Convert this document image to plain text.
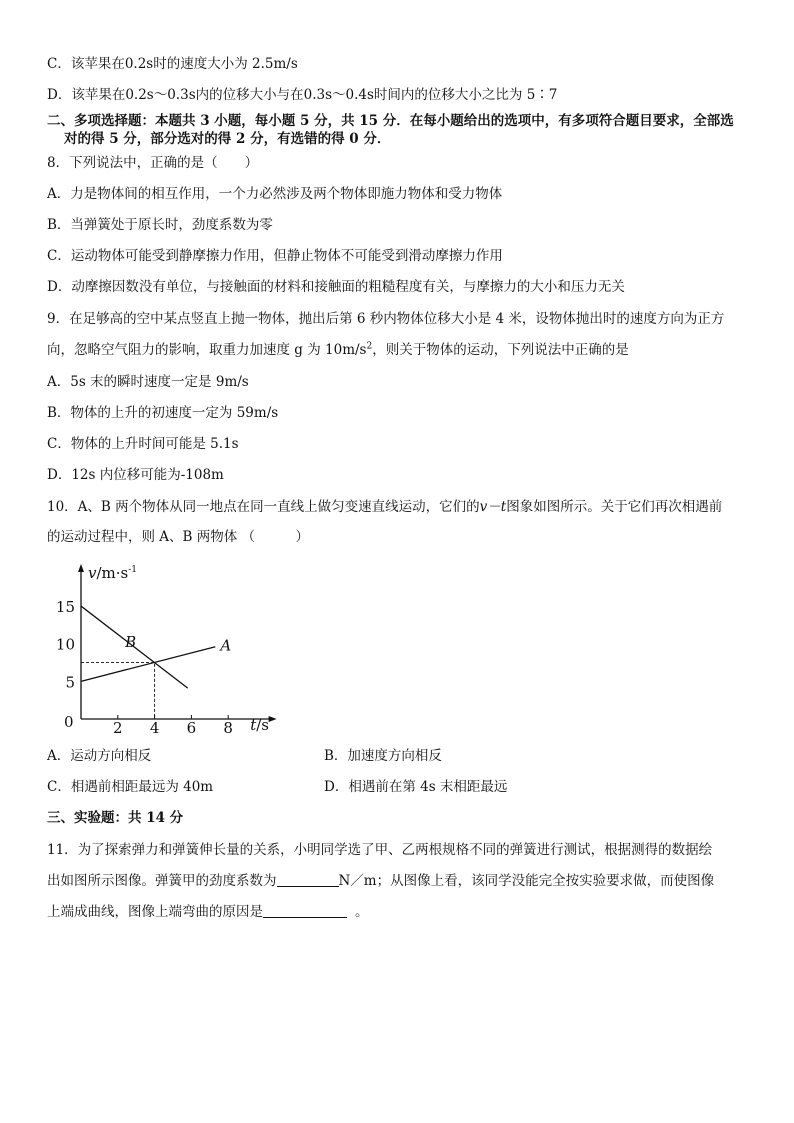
C．该苹果在0.2s时的速度大小为 2.5m/s
D．该苹果在0.2s～0.3s内的位移大小与在0.3s～0.4s时间内的位移大小之比为 5∶7
二、多项选择题：本题共 3 小题，每小题 5 分，共 15 分．在每小题给出的选项中，有多项符合题目要求，全部选
对的得 5 分，部分选对的得 2 分，有选错的得 0 分．
8．下列说法中，正确的是（　　）
A．力是物体间的相互作用，一个力必然涉及两个物体即施力物体和受力物体
B．当弹簧处于原长时，劲度系数为零
C．运动物体可能受到静摩擦力作用，但静止物体不可能受到滑动摩擦力作用
D．动摩擦因数没有单位，与接触面的材料和接触面的粗糙程度有关，与摩擦力的大小和压力无关
9．在足够高的空中某点竖直上抛一物体，抛出后第 6 秒内物体位移大小是 4 米，设物体抛出时的速度方向为正方
向，忽略空气阻力的影响，取重力加速度 g 为 $10m/s^2$，则关于物体的运动，下列说法中正确的是
A．5s 末的瞬时速度一定是 9m/s
B．物体的上升的初速度一定为 59m/s
C．物体的上升时间可能是 5.1s
D．12s 内位移可能为-108m
10．A、B 两个物体从同一地点在同一直线上做匀变速直线运动，它们的v－t图象如图所示。关于它们再次相遇前
的运动过程中，则 A、B 两物体 （　　　）
$v/m\cdot s^{-1}$
t/s
0	2 4 6 8
5
10
15
A
B
A．运动方向相反	B．加速度方向相反
C．相遇前相距最远为 40m	D．相遇前在第 4s 末相距最远
三、实验题：共 14 分
11．为了探索弹力和弹簧伸长量的关系，小明同学选了甲、乙两根规格不同的弹簧进行测试，根据测得的数据绘
出如图所示图像。弹簧甲的劲度系数为	N／m；从图像上看，该同学没能完全按实验要求做，而使图像
上端成曲线，图像上端弯曲的原因是	。
